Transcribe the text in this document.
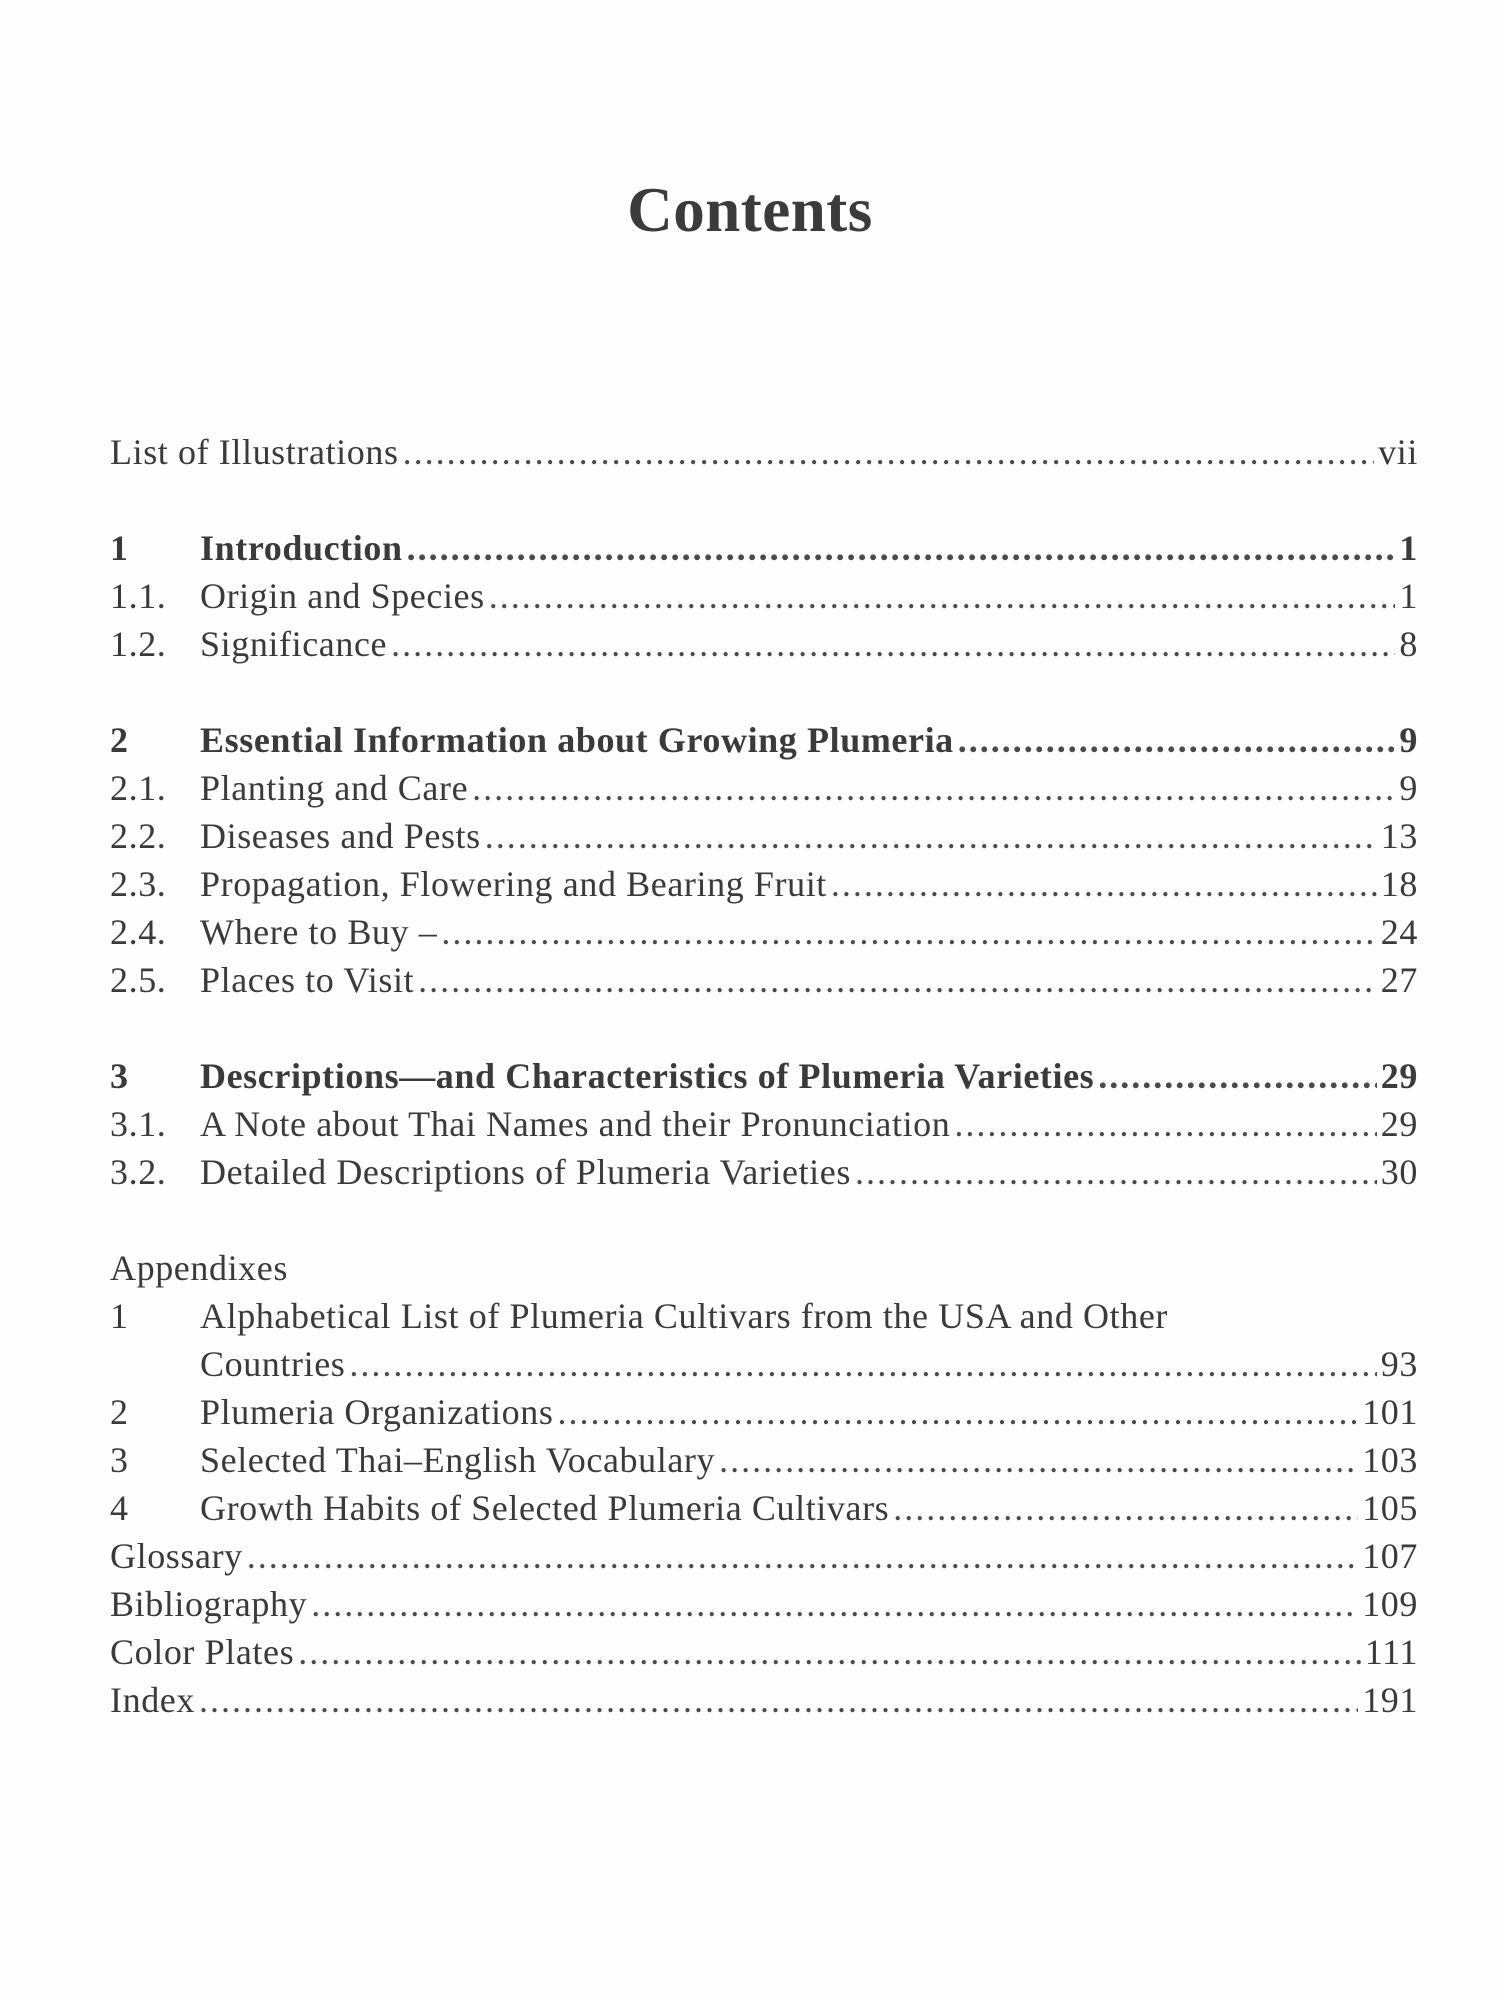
Contents
List of Illustrations .....	vii
1	Introduction .....	1
1.1. Origin and Species .....	1
1.2. Significance .....	8
2	Essential Information about Growing Plumeria .....	9
2.1. Planting and Care .....	9
2.2. Diseases and Pests .....	13
2.3. Propagation, Flowering and Bearing Fruit .....	18
2.4. Where to Buy – .....	24
2.5. Places to Visit .....	27
3	Descriptions—and Characteristics of Plumeria Varieties .....	29
3.1. A Note about Thai Names and their Pronunciation .....	29
3.2. Detailed Descriptions of Plumeria Varieties .....	30
Appendixes
1	Alphabetical List of Plumeria Cultivars from the USA and Other
Countries .....	93
2	Plumeria Organizations .....	101
3	Selected Thai–English Vocabulary .....	103
4	Growth Habits of Selected Plumeria Cultivars .....	105
Glossary .....	107
Bibliography .....	109
Color Plates .....	111
Index .....	191
